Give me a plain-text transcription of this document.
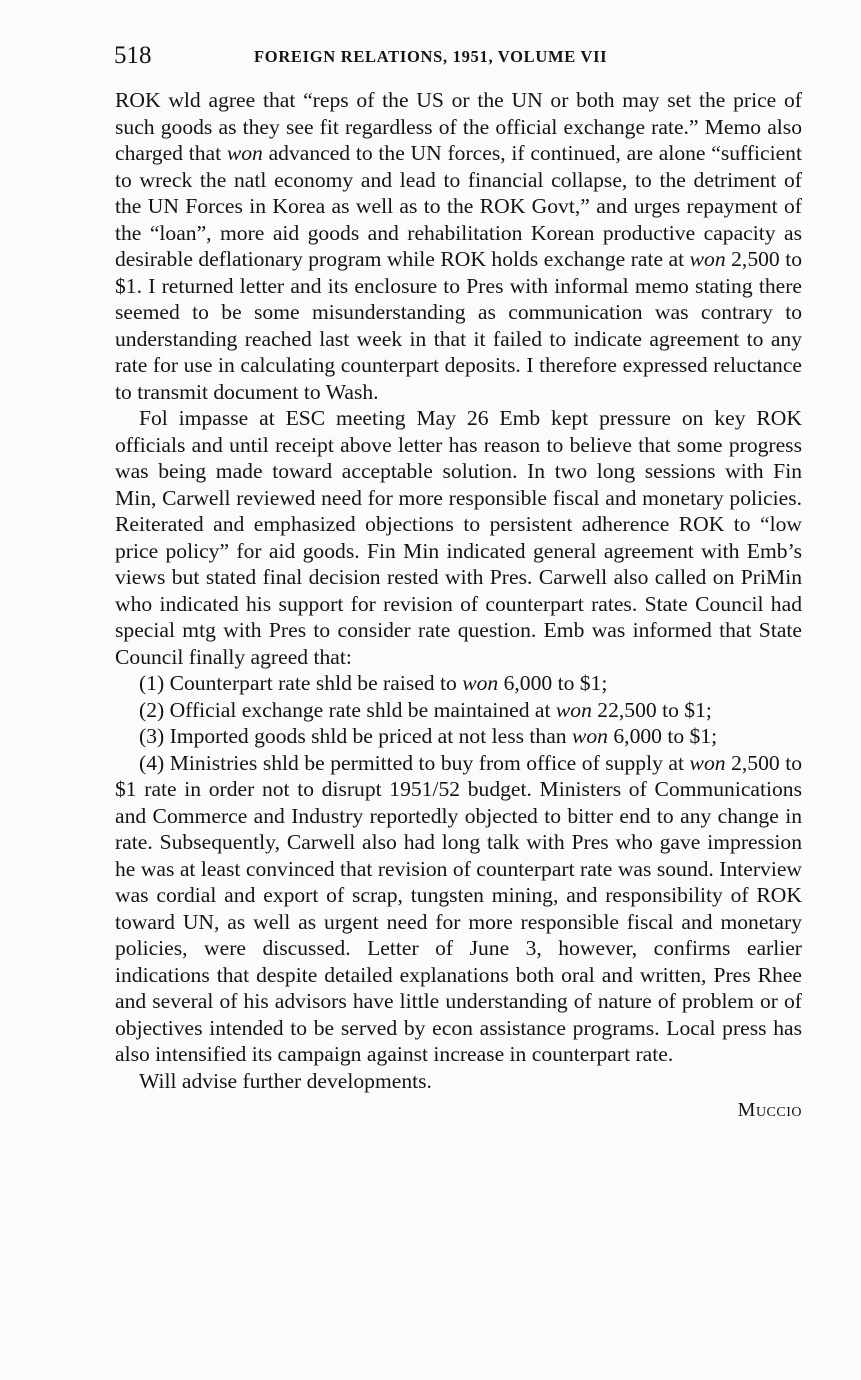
518	FOREIGN RELATIONS, 1951, VOLUME VII

ROK wld agree that “reps of the US or the UN or both may set the price of such goods as they see fit regardless of the official exchange rate.” Memo also charged that won advanced to the UN forces, if continued, are alone “sufficient to wreck the natl economy and lead to financial collapse, to the detriment of the UN Forces in Korea as well as to the ROK Govt,” and urges repayment of the “loan”, more aid goods and rehabilitation Korean productive capacity as desirable deflationary program while ROK holds exchange rate at won 2,500 to $1. I returned letter and its enclosure to Pres with informal memo stating there seemed to be some misunderstanding as communication was contrary to understanding reached last week in that it failed to indicate agreement to any rate for use in calculating counterpart deposits. I therefore expressed reluctance to transmit document to Wash.

Fol impasse at ESC meeting May 26 Emb kept pressure on key ROK officials and until receipt above letter has reason to believe that some progress was being made toward acceptable solution. In two long sessions with Fin Min, Carwell reviewed need for more responsible fiscal and monetary policies. Reiterated and emphasized objections to persistent adherence ROK to “low price policy” for aid goods. Fin Min indicated general agreement with Emb’s views but stated final decision rested with Pres. Carwell also called on PriMin who indicated his support for revision of counterpart rates. State Council had special mtg with Pres to consider rate question. Emb was informed that State Council finally agreed that:

(1) Counterpart rate shld be raised to won 6,000 to $1;

(2) Official exchange rate shld be maintained at won 22,500 to $1;

(3) Imported goods shld be priced at not less than won 6,000 to $1;

(4) Ministries shld be permitted to buy from office of supply at won 2,500 to $1 rate in order not to disrupt 1951/52 budget. Ministers of Communications and Commerce and Industry reportedly objected to bitter end to any change in rate. Subsequently, Carwell also had long talk with Pres who gave impression he was at least convinced that revision of counterpart rate was sound. Interview was cordial and export of scrap, tungsten mining, and responsibility of ROK toward UN, as well as urgent need for more responsible fiscal and monetary policies, were discussed. Letter of June 3, however, confirms earlier indications that despite detailed explanations both oral and written, Pres Rhee and several of his advisors have little understanding of nature of problem or of objectives intended to be served by econ assistance programs. Local press has also intensified its campaign against increase in counterpart rate.

Will advise further developments.

Muccio
